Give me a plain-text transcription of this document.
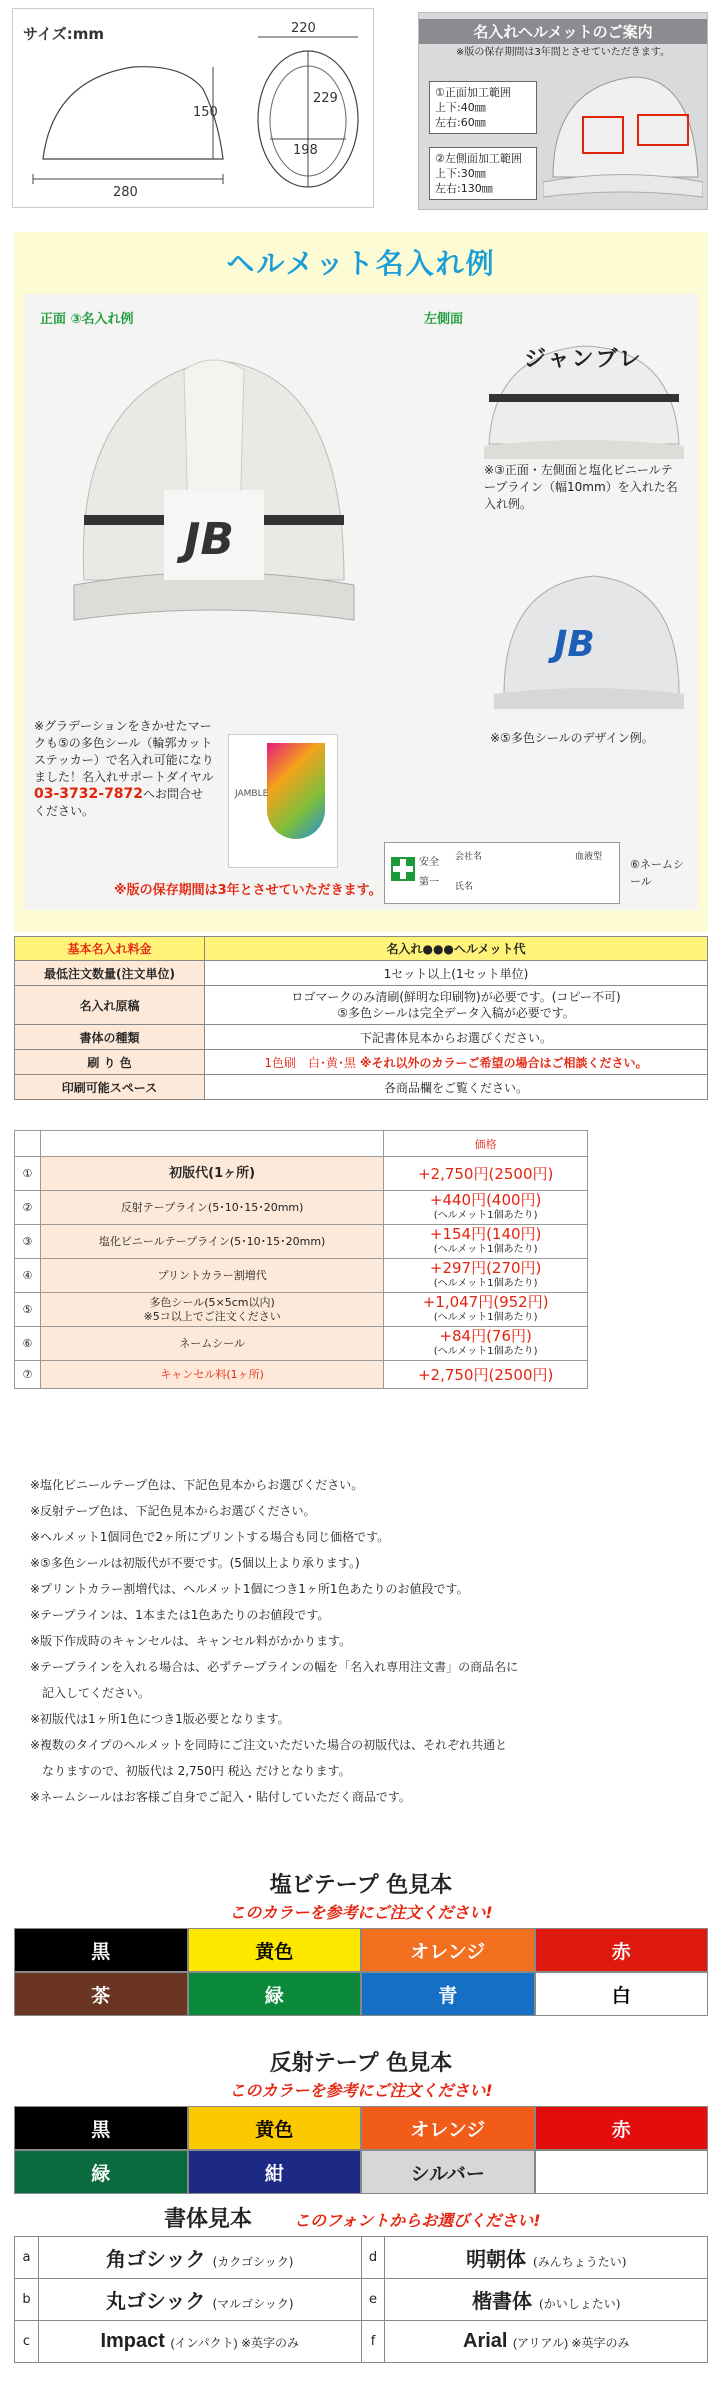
サイズ:mm	220
150
280
229
198
名入れヘルメットのご案内
※版の保存期間は3年間とさせていただきます。
①正面加工範囲
上下:40㎜
左右:60㎜
②左側面加工範囲
上下:30㎜
左右:130㎜
ヘルメット名入れ例
正面 ③名入れ例	左側面
JB
ジャンブレ
※③正面・左側面と塩化ビニールテープライン（幅10mm）を入れた名入れ例。
JB
※⑤多色シールのデザイン例。
※グラデーションをきかせたマークも⑤の多色シール（輪郭カットステッカー）で名入れ可能になりました！名入れサポートダイヤル
03-3732-7872へお問合せください。
JAMBLE
安全
第一
会社名
氏名
血液型
⑥ネームシール
※版の保存期間は3年とさせていただきます。
基本名入れ料金	名入れ●●●ヘルメット代
最低注文数量(注文単位)	1セット以上(1セット単位)
名入れ原稿	ロゴマークのみ清刷(鮮明な印刷物)が必要です。(コピー不可)
⑤多色シールは完全データ入稿が必要です。
書体の種類	下記書体見本からお選びください。
刷 り 色	1色刷　白･黄･黒 ※それ以外のカラーご希望の場合はご相談ください。
印刷可能スペース	各商品欄をご覧ください。
		価格
①	初版代(1ヶ所)	+2,750円(2500円)
②	反射テープライン(5･10･15･20mm)	+440円(400円)
(ヘルメット1個あたり)

③	塩化ビニールテープライン(5･10･15･20mm)	+154円(140円)
(ヘルメット1個あたり)

④	プリントカラー割増代	+297円(270円)
(ヘルメット1個あたり)

⑤	多色シール(5×5cm以内)
※5コ以上でご注文ください	+1,047円(952円)
(ヘルメット1個あたり)

⑥	ネームシール	+84円(76円)
(ヘルメット1個あたり)

⑦	キャンセル料(1ヶ所)	+2,750円(2500円)

※塩化ビニールテープ色は、下記色見本からお選びください。

※反射テープ色は、下記色見本からお選びください。

※ヘルメット1個同色で2ヶ所にプリントする場合も同じ価格です。

※⑤多色シールは初版代が不要です。(5個以上より承ります。)

※プリントカラー割増代は、ヘルメット1個につき1ヶ所1色あたりのお値段です。

※テープラインは、1本または1色あたりのお値段です。

※版下作成時のキャンセルは、キャンセル料がかかります。

※テープラインを入れる場合は、必ずテープラインの幅を「名入れ専用注文書」の商品名に

　記入してください。

※初版代は1ヶ所1色につき1版必要となります。

※複数のタイプのヘルメットを同時にご注文いただいた場合の初版代は、それぞれ共通と

　なりますので、初版代は 2,750円 税込 だけとなります。

※ネームシールはお客様ご自身でご記入・貼付していただく商品です。

塩ビテープ 色見本
このカラーを参考にご注文ください!
黒	黄色	オレンジ	赤
茶	緑	青	白
反射テープ 色見本
このカラーを参考にご注文ください!
黒	黄色	オレンジ	赤
緑	紺	シルバー
書体見本	このフォントからお選びください!
a	角ゴシック (カクゴシック)	d	明朝体 (みんちょうたい)
b	丸ゴシック (マルゴシック)	e	楷書体 (かいしょたい)
c	Impact (インパクト) ※英字のみ	f	Arial (アリアル) ※英字のみ
